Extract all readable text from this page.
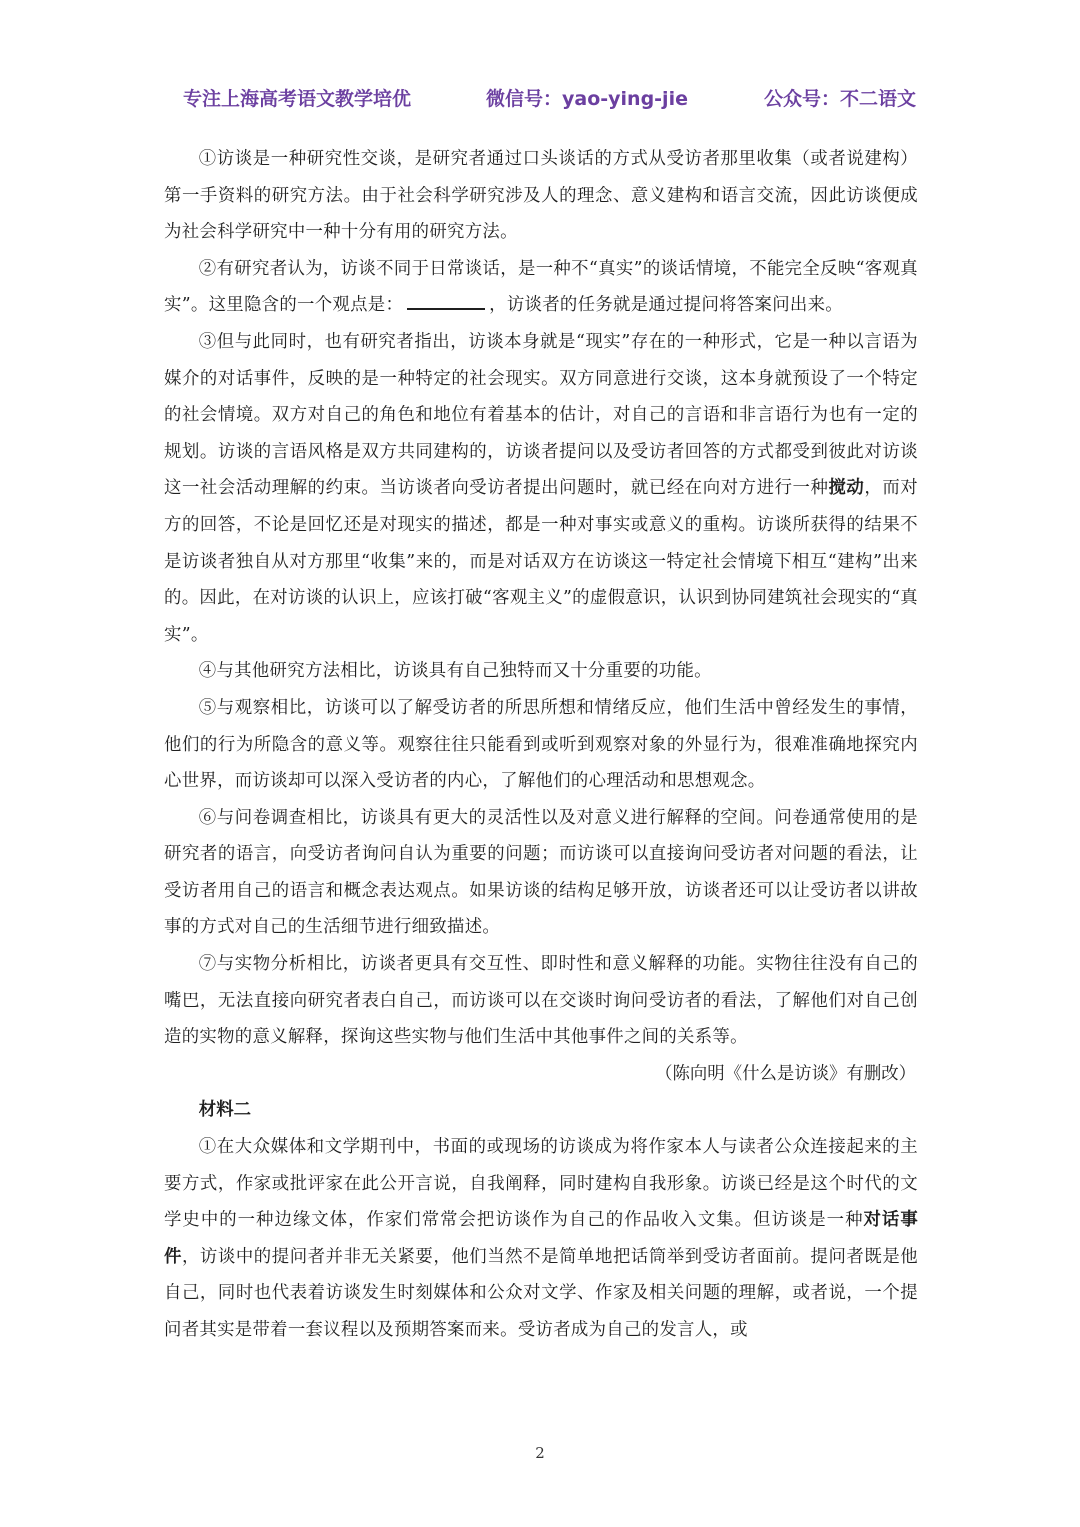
专注上海高考语文教学培优	微信号：yao-ying-jie	公众号：不二语文

①访谈是一种研究性交谈，是研究者通过口头谈话的方式从受访者那里收集（或者说建构）第一手资料的研究方法。由于社会科学研究涉及人的理念、意义建构和语言交流，因此访谈便成为社会科学研究中一种十分有用的研究方法。

②有研究者认为，访谈不同于日常谈话，是一种不“真实”的谈话情境，不能完全反映“客观真实”。这里隐含的一个观点是：	，访谈者的任务就是通过提问将答案问出来。

③但与此同时，也有研究者指出，访谈本身就是“现实”存在的一种形式，它是一种以言语为媒介的对话事件，反映的是一种特定的社会现实。双方同意进行交谈，这本身就预设了一个特定的社会情境。双方对自己的角色和地位有着基本的估计，对自己的言语和非言语行为也有一定的规划。访谈的言语风格是双方共同建构的，访谈者提问以及受访者回答的方式都受到彼此对访谈这一社会活动理解的约束。当访谈者向受访者提出问题时，就已经在向对方进行一种搅动，而对方的回答，不论是回忆还是对现实的描述，都是一种对事实或意义的重构。访谈所获得的结果不是访谈者独自从对方那里“收集”来的，而是对话双方在访谈这一特定社会情境下相互“建构”出来的。因此，在对访谈的认识上，应该打破“客观主义”的虚假意识，认识到协同建筑社会现实的“真实”。

④与其他研究方法相比，访谈具有自己独特而又十分重要的功能。

⑤与观察相比，访谈可以了解受访者的所思所想和情绪反应，他们生活中曾经发生的事情，他们的行为所隐含的意义等。观察往往只能看到或听到观察对象的外显行为，很难准确地探究内心世界，而访谈却可以深入受访者的内心，了解他们的心理活动和思想观念。

⑥与问卷调查相比，访谈具有更大的灵活性以及对意义进行解释的空间。问卷通常使用的是研究者的语言，向受访者询问自认为重要的问题；而访谈可以直接询问受访者对问题的看法，让受访者用自己的语言和概念表达观点。如果访谈的结构足够开放，访谈者还可以让受访者以讲故事的方式对自己的生活细节进行细致描述。

⑦与实物分析相比，访谈者更具有交互性、即时性和意义解释的功能。实物往往没有自己的嘴巴，无法直接向研究者表白自己，而访谈可以在交谈时询问受访者的看法，了解他们对自己创造的实物的意义解释，探询这些实物与他们生活中其他事件之间的关系等。

（陈向明《什么是访谈》有删改）

材料二

①在大众媒体和文学期刊中，书面的或现场的访谈成为将作家本人与读者公众连接起来的主要方式，作家或批评家在此公开言说，自我阐释，同时建构自我形象。访谈已经是这个时代的文学史中的一种边缘文体，作家们常常会把访谈作为自己的作品收入文集。但访谈是一种对话事件，访谈中的提问者并非无关紧要，他们当然不是简单地把话筒举到受访者面前。提问者既是他自己，同时也代表着访谈发生时刻媒体和公众对文学、作家及相关问题的理解，或者说，一个提问者其实是带着一套议程以及预期答案而来。受访者成为自己的发言人，或

2
